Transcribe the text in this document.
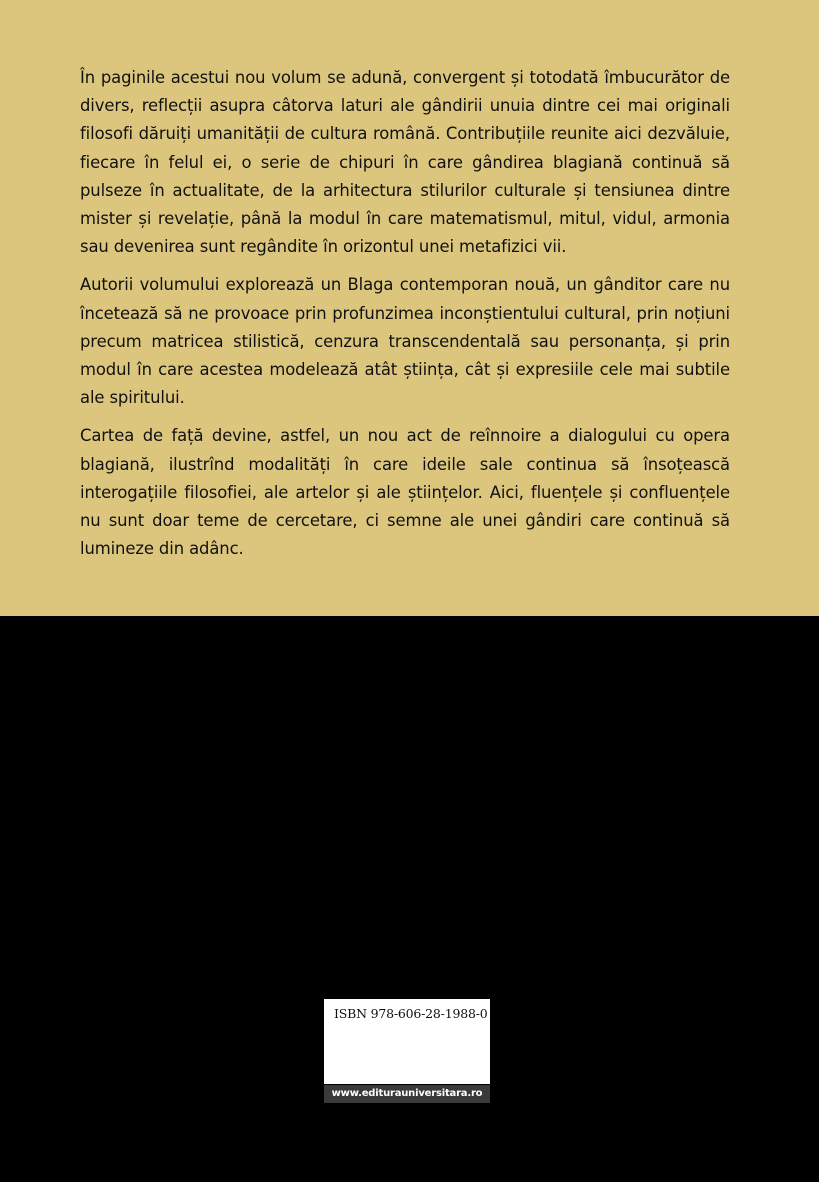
În paginile acestui nou volum se adună, convergent și totodată îmbucurător de divers, reflecții asupra câtorva laturi ale gândirii unuia dintre cei mai originali filosofi dăruiți umanității de cultura română. Contribuțiile reunite aici dezvăluie, fiecare în felul ei, o serie de chipuri în care gândirea blagiană continuă să pulseze în actualitate, de la arhitectura stilurilor culturale și tensiunea dintre mister și revelație, până la modul în care matematismul, mitul, vidul, armonia sau devenirea sunt regândite în orizontul unei metafizici vii.

Autorii volumului explorează un Blaga contemporan nouă, un gânditor care nu încetează să ne provoace prin profunzimea inconștientului cultural, prin noțiuni precum matricea stilistică, cenzura transcendentală sau personanța, și prin modul în care acestea modelează atât știința, cât și expresiile cele mai subtile ale spiritului.

Cartea de față devine, astfel, un nou act de reînnoire a dialogului cu opera blagiană, ilustrînd modalități în care ideile sale continua să însoțească interogațiile filosofiei, ale artelor și ale științelor. Aici, fluențele și confluențele nu sunt doar teme de cercetare, ci semne ale unei gândiri care continuă să lumineze din adânc.

ISBN 978-606-28-1988-0
www.editurauniversitara.ro
